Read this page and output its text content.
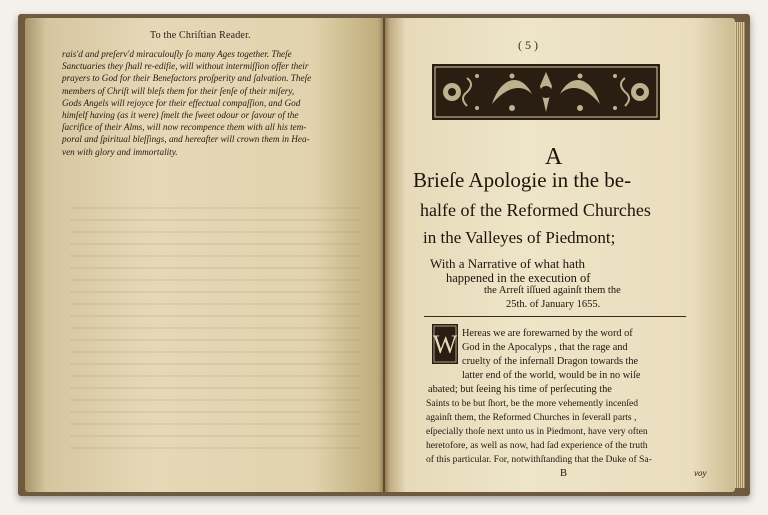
To the Chriſtian Reader.
rais'd and preſerv'd miraculouſly ſo many Ages together. Theſe
Sanctuaries they ſhall re-edifie, will without intermiſſion offer their
prayers to God for their Benefactors proſperity and ſalvation. Theſe
members of Chriſt will bleſs them for their ſenſe of their miſery,
Gods Angels will rejoyce for their effectual compaſſion, and God
himſelf having (as it were) ſmelt the ſweet odour or ſavour of the
ſacrifice of their Alms, will now recompence them with all his tem-
poral and ſpiritual bleſſings, and hereafter will crown them in Hea-
ven with glory and immortality.
( 5 )
A
Brieſe Apologie in the be-
halfe of the Reformed Churches
in the Valleyes of Piedmont;
With a Narrative of what hath
happened in the execution of
the Arreſt iſſued againſt them the
25th. of January 1655.
W Hereas we are forewarned by the word of
God in the Apocalyps , that the rage and
cruelty of the infernall Dragon towards the
latter end of the world, would be in no wiſe
abated; but ſeeing his time of perſecuting the
Saints to be but ſhort, be the more vehemently incenſed
againſt them, the Reformed Churches in ſeverall parts ,
eſpecially thoſe next unto us in Piedmont, have very often
heretofore, as well as now, had ſad experience of the truth
of this particular. For, notwithſtanding that the Duke of Sa-
B	voy
